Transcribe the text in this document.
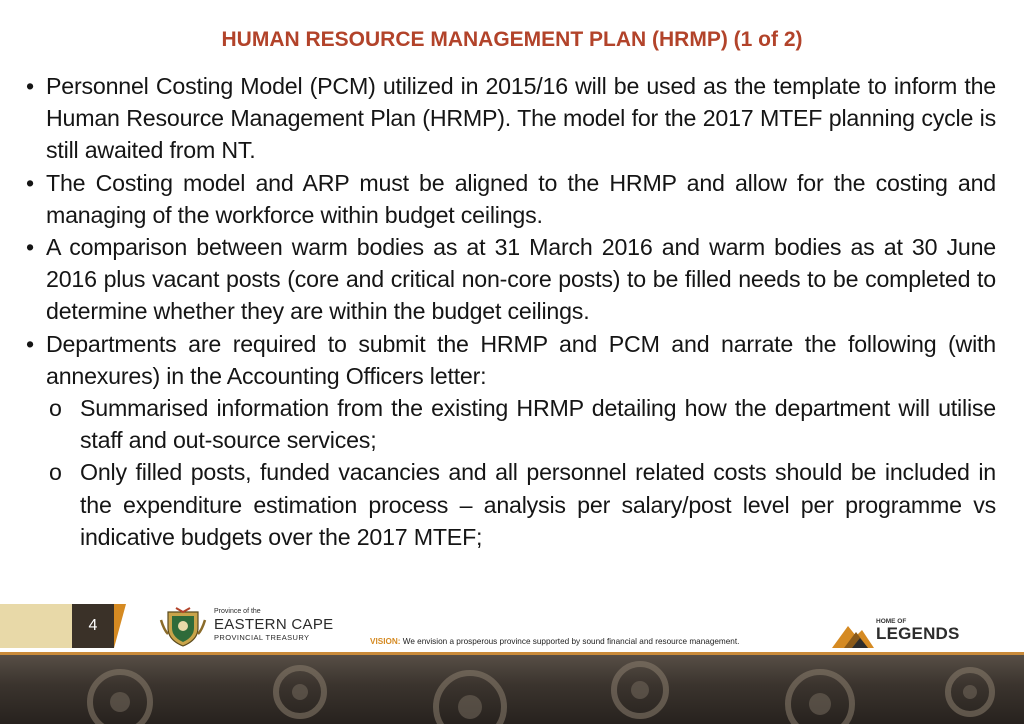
HUMAN RESOURCE MANAGEMENT PLAN (HRMP) (1 of 2)
• Personnel Costing Model (PCM) utilized in 2015/16 will be used as the template to inform the Human Resource Management Plan (HRMP). The model for the 2017 MTEF planning cycle is still awaited from NT.
• The Costing model and ARP must be aligned to the HRMP and allow for the costing and managing of the workforce within budget ceilings.
• A comparison between warm bodies as at 31 March 2016 and warm bodies as at 30 June 2016 plus vacant posts (core and critical non-core posts) to be filled needs to be completed to determine whether they are within the budget ceilings.
• Departments are required to submit the HRMP and PCM and narrate the following (with annexures) in the Accounting Officers letter:
o Summarised information from the existing HRMP detailing how the department will utilise staff and out-source services;
o Only filled posts, funded vacancies and all personnel related costs should be included in the expenditure estimation process – analysis per salary/post level per programme vs indicative budgets over the 2017 MTEF;
4
Province of the
EASTERN CAPE
PROVINCIAL TREASURY	VISION: We envision a prosperous province supported by sound financial and resource management.
HOME OF
LEGENDS
